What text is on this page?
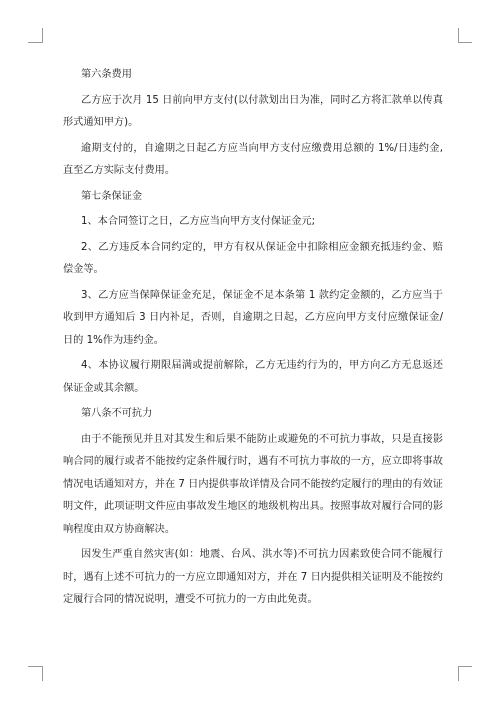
第六条费用

乙方应于次月 15 日前向甲方支付(以付款划出日为准，同时乙方将汇款单以传真形式通知甲方)。

逾期支付的，自逾期之日起乙方应当向甲方支付应缴费用总额的 1%/日违约金,直至乙方实际支付费用。

第七条保证金

1、本合同签订之日，乙方应当向甲方支付保证金元;

2、乙方违反本合同约定的，甲方有权从保证金中扣除相应金额充抵违约金、赔偿金等。

3、乙方应当保障保证金充足，保证金不足本条第 1 款约定金额的，乙方应当于收到甲方通知后 3 日内补足，否则，自逾期之日起，乙方应向甲方支付应缴保证金/日的 1%作为违约金。

4、本协议履行期限届满或提前解除，乙方无违约行为的，甲方向乙方无息返还保证金或其余额。

第八条不可抗力

由于不能预见并且对其发生和后果不能防止或避免的不可抗力事故，只是直接影响合同的履行或者不能按约定条件履行时，遇有不可抗力事故的一方，应立即将事故情况电话通知对方，并在 7 日内提供事故详情及合同不能按约定履行的理由的有效证明文件，此项证明文件应由事故发生地区的地级机构出具。按照事故对履行合同的影响程度由双方协商解决。

因发生严重自然灾害(如：地震、台风、洪水等)不可抗力因素致使合同不能履行时，遇有上述不可抗力的一方应立即通知对方，并在 7 日内提供相关证明及不能按约定履行合同的情况说明，遭受不可抗力的一方由此免责。
